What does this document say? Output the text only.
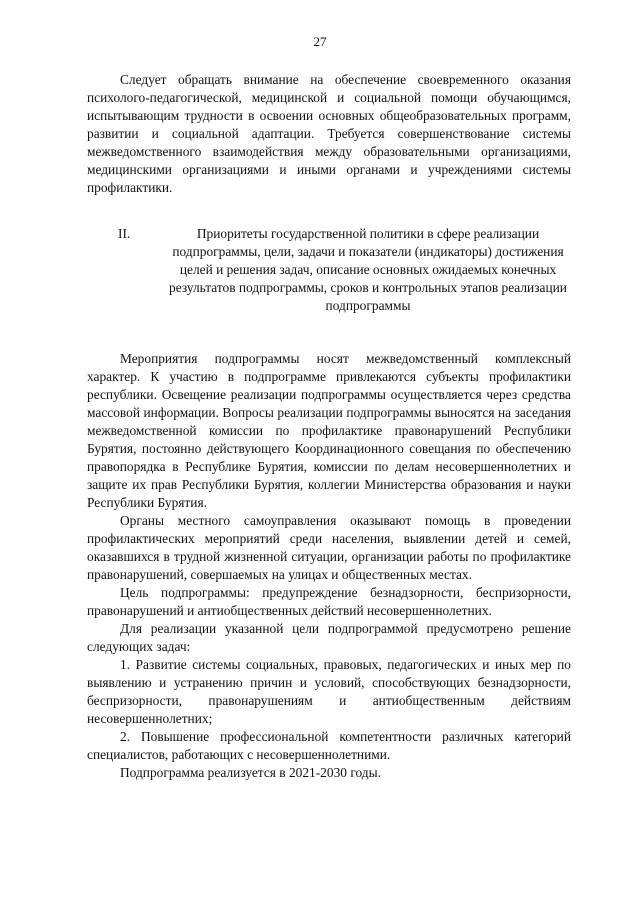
27

Следует обращать внимание на обеспечение своевременного оказания психолого-педагогической, медицинской и социальной помощи обучающимся, испытывающим трудности в освоении основных общеобразовательных программ, развитии и социальной адаптации. Требуется совершенствование системы межведомственного взаимодействия между образовательными организациями, медицинскими организациями и иными органами и учреждениями системы профилактики.

II.	Приоритеты государственной политики в сфере реализации подпрограммы, цели, задачи и показатели (индикаторы) достижения целей и решения задач, описание основных ожидаемых конечных результатов подпрограммы, сроков и контрольных этапов реализации подпрограммы

Мероприятия подпрограммы носят межведомственный комплексный характер. К участию в подпрограмме привлекаются субъекты профилактики республики. Освещение реализации подпрограммы осуществляется через средства массовой информации. Вопросы реализации подпрограммы выносятся на заседания межведомственной комиссии по профилактике правонарушений Республики Бурятия, постоянно действующего Координационного совещания по обеспечению правопорядка в Республике Бурятия, комиссии по делам несовершеннолетних и защите их прав Республики Бурятия, коллегии Министерства образования и науки Республики Бурятия.

Органы местного самоуправления оказывают помощь в проведении профилактических мероприятий среди населения, выявлении детей и семей, оказавшихся в трудной жизненной ситуации, организации работы по профилактике правонарушений, совершаемых на улицах и общественных местах.

Цель подпрограммы: предупреждение безнадзорности, беспризорности, правонарушений и антиобщественных действий несовершеннолетних.

Для реализации указанной цели подпрограммой предусмотрено решение следующих задач:

1. Развитие системы социальных, правовых, педагогических и иных мер по выявлению и устранению причин и условий, способствующих безнадзорности, беспризорности, правонарушениям и антиобщественным действиям несовершеннолетних;

2. Повышение профессиональной компетентности различных категорий специалистов, работающих с несовершеннолетними.

Подпрограмма реализуется в 2021-2030 годы.
